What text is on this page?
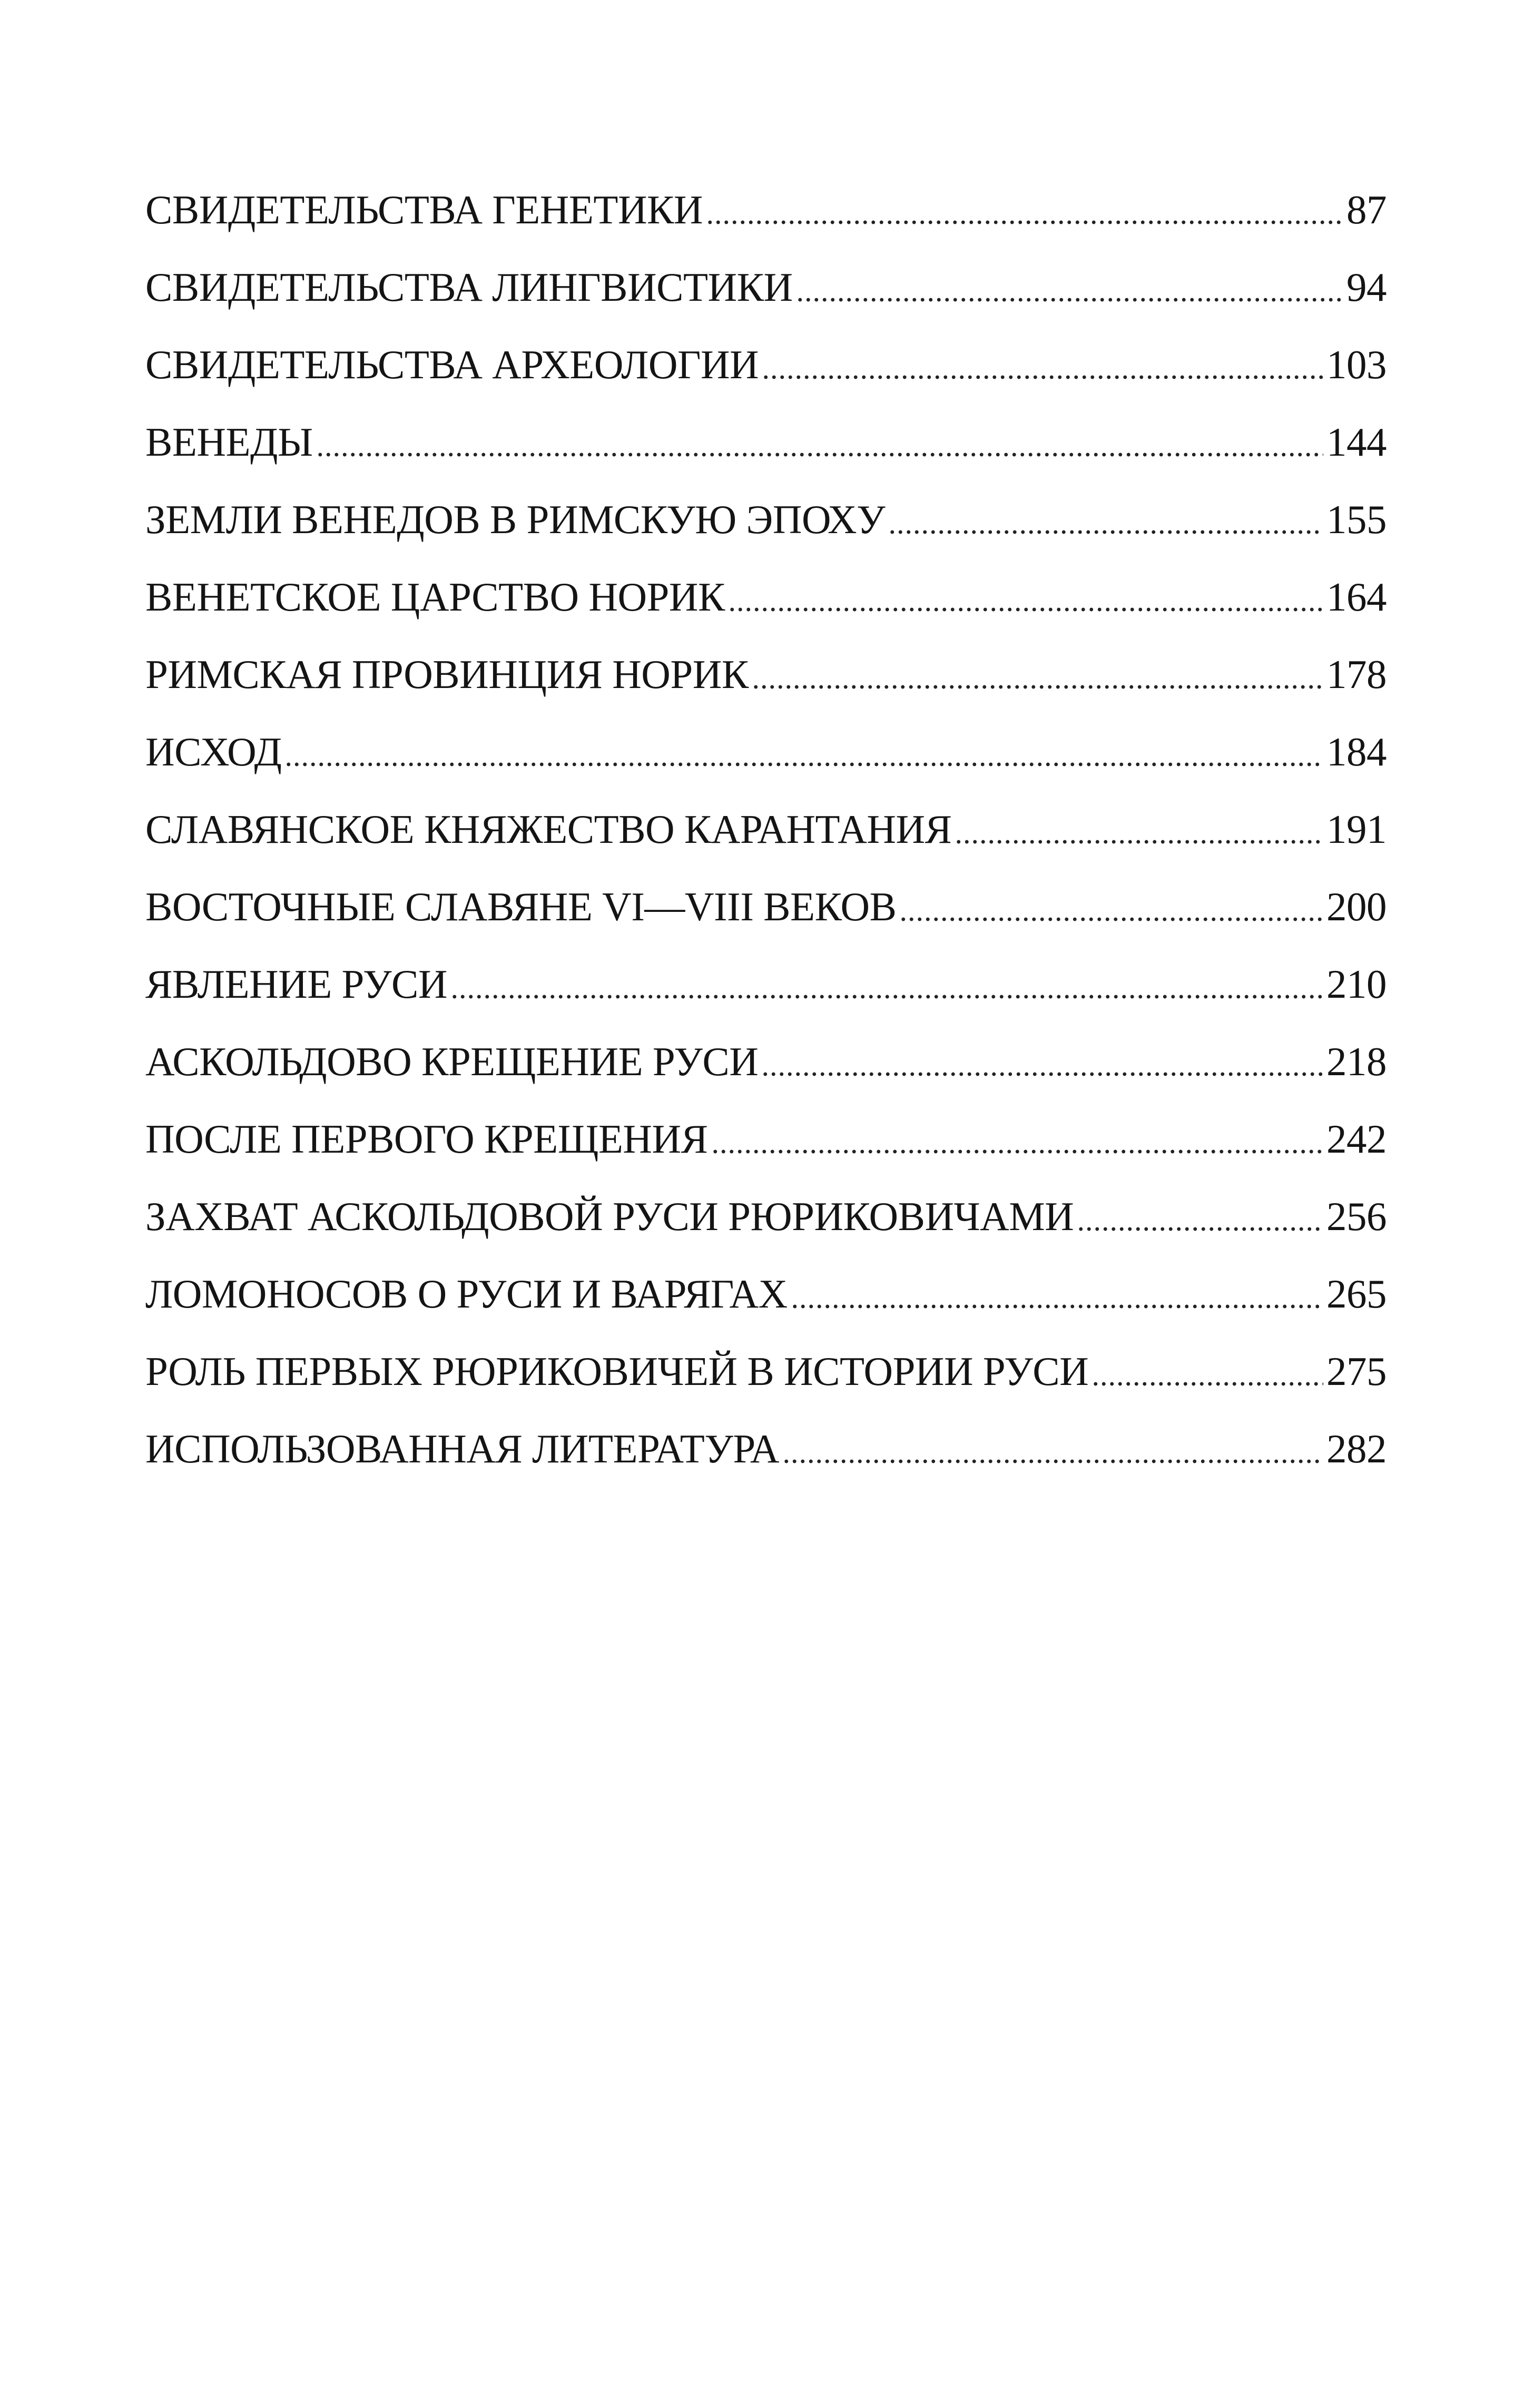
СВИДЕТЕЛЬСТВА ГЕНЕТИКИ	87
СВИДЕТЕЛЬСТВА ЛИНГВИСТИКИ	94
СВИДЕТЕЛЬСТВА АРХЕОЛОГИИ	103
ВЕНЕДЫ	144
ЗЕМЛИ ВЕНЕДОВ В РИМСКУЮ ЭПОХУ	155
ВЕНЕТСКОЕ ЦАРСТВО НОРИК	164
РИМСКАЯ ПРОВИНЦИЯ НОРИК	178
ИСХОД	184
СЛАВЯНСКОЕ КНЯЖЕСТВО КАРАНТАНИЯ	191
ВОСТОЧНЫЕ СЛАВЯНЕ VI—VIII ВЕКОВ	200
ЯВЛЕНИЕ РУСИ	210
АСКОЛЬДОВО КРЕЩЕНИЕ РУСИ	218
ПОСЛЕ ПЕРВОГО КРЕЩЕНИЯ	242
ЗАХВАТ АСКОЛЬДОВОЙ РУСИ РЮРИКОВИЧАМИ	256
ЛОМОНОСОВ О РУСИ И ВАРЯГАХ	265
РОЛЬ ПЕРВЫХ РЮРИКОВИЧЕЙ В ИСТОРИИ РУСИ	275
ИСПОЛЬЗОВАННАЯ ЛИТЕРАТУРА	282
